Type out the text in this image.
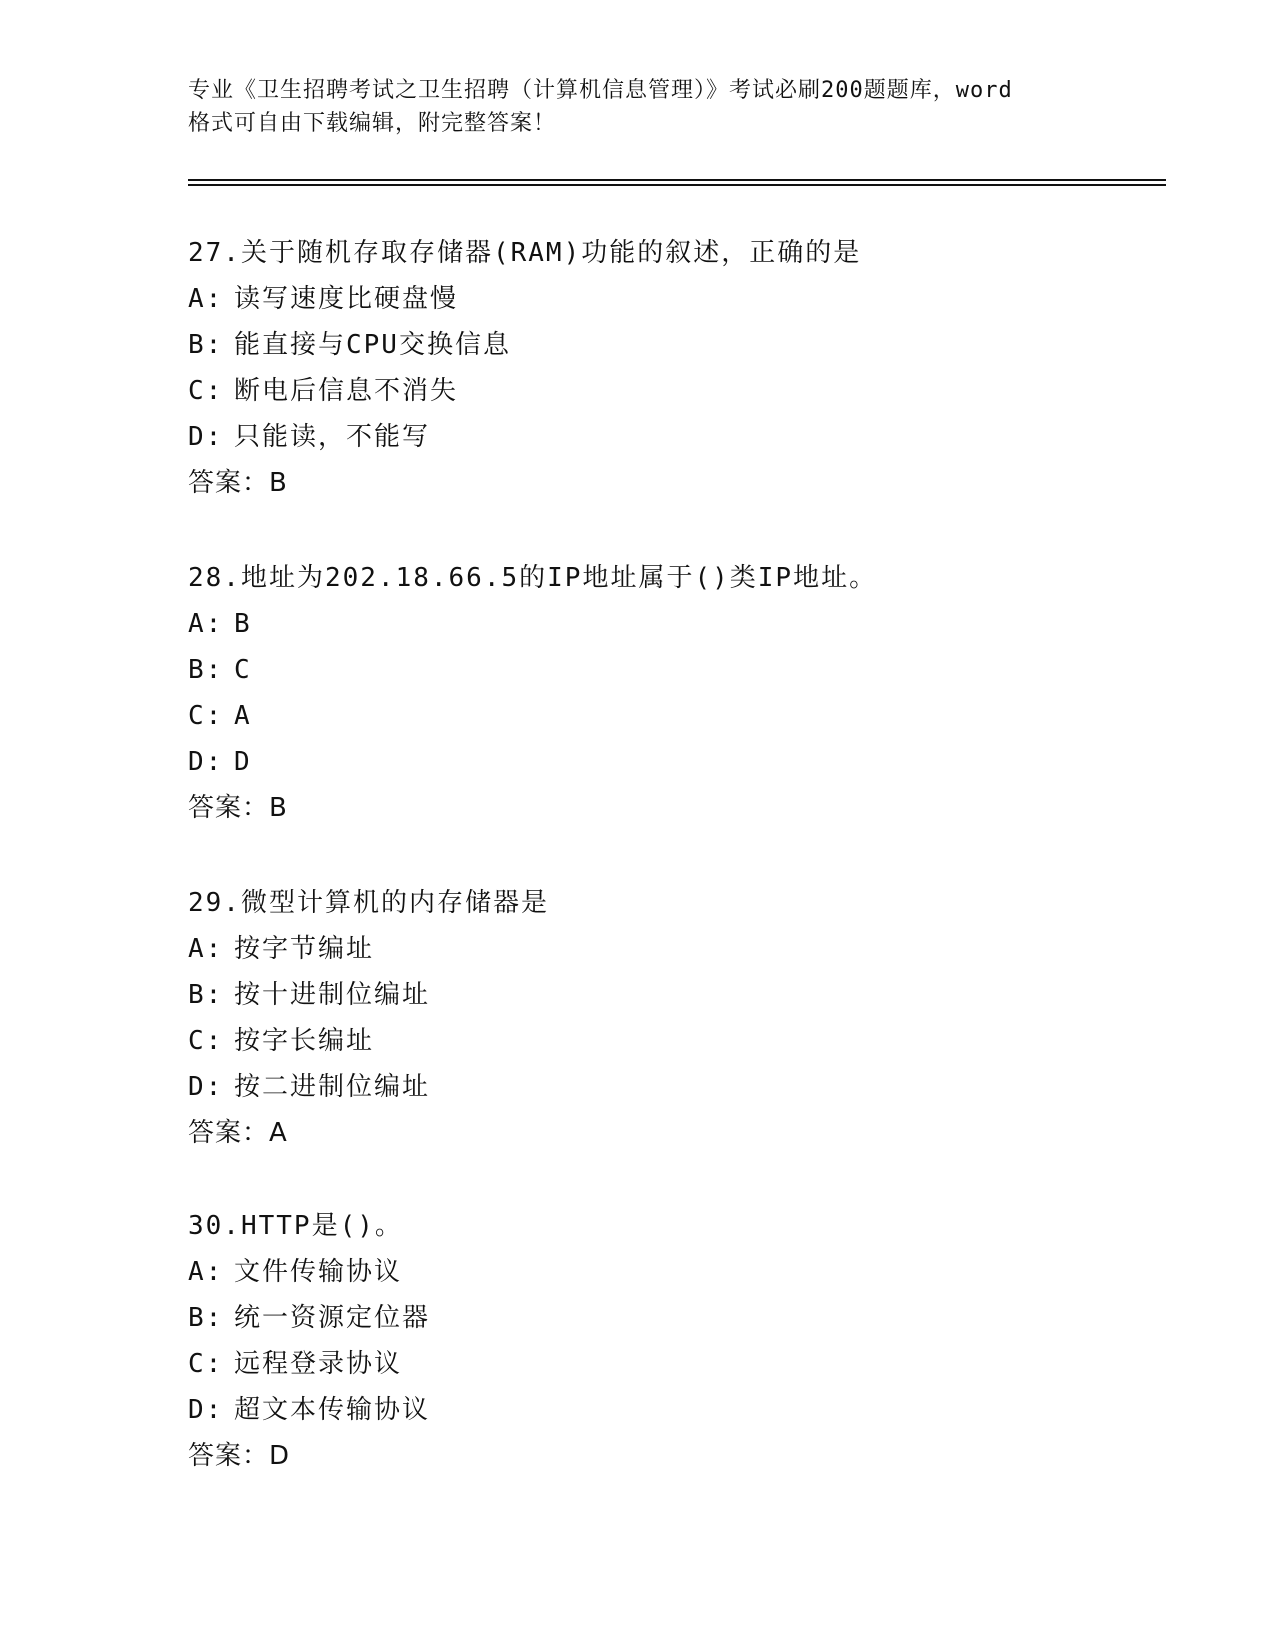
专业《卫生招聘考试之卫生招聘（计算机信息管理）》考试必刷200题题库，word
格式可自由下载编辑，附完整答案！
27.关于随机存取存储器(RAM)功能的叙述，正确的是
A: 读写速度比硬盘慢
B: 能直接与CPU交换信息
C: 断电后信息不消失
D: 只能读，不能写
答案：B
28.地址为202.18.66.5的IP地址属于()类IP地址。
A: B
B: C
C: A
D: D
答案：B
29.微型计算机的内存储器是
A: 按字节编址
B: 按十进制位编址
C: 按字长编址
D: 按二进制位编址
答案：A
30.HTTP是()。
A: 文件传输协议
B: 统一资源定位器
C: 远程登录协议
D: 超文本传输协议
答案：D
